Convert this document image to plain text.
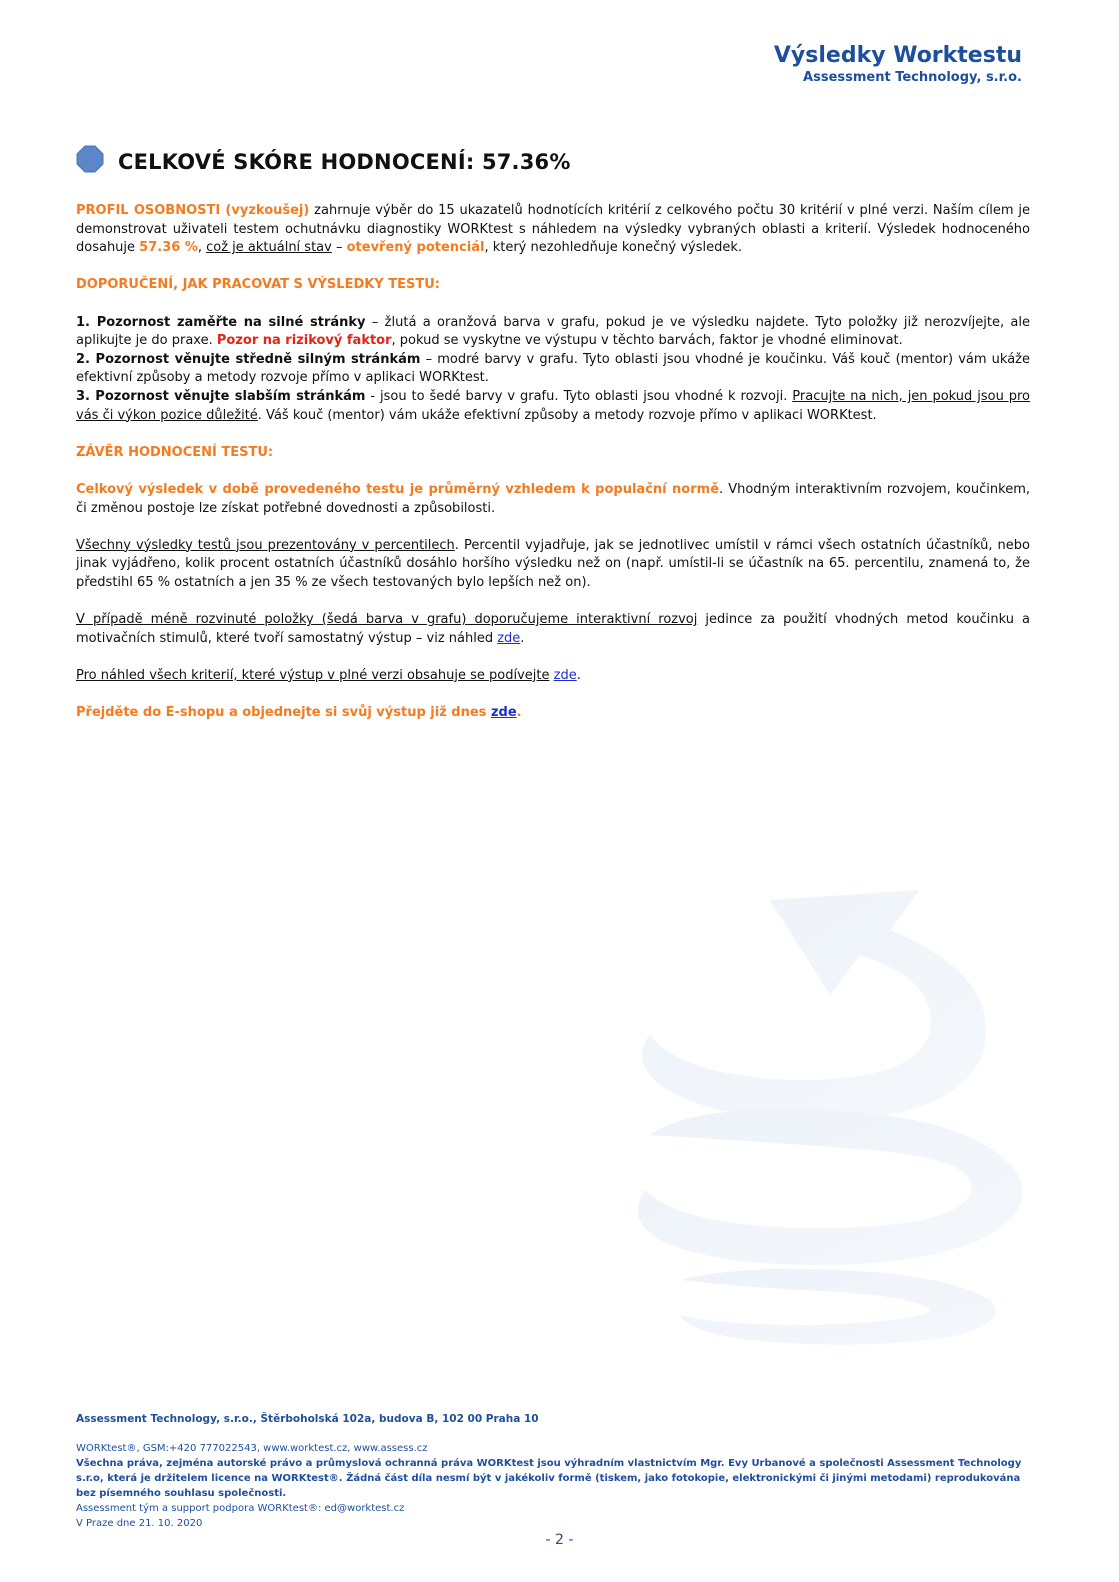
Výsledky Worktestu
Assessment Technology, s.r.o.
CELKOVÉ SKÓRE HODNOCENÍ: 57.36%

PROFIL OSOBNOSTI (vyzkoušej) zahrnuje výběr do 15 ukazatelů hodnotících kritérií z celkového počtu 30 kritérií v plné verzi. Naším cílem je demonstrovat uživateli testem ochutnávku diagnostiky WORKtest s náhledem na výsledky vybraných oblasti a kriterií. Výsledek hodnoceného dosahuje 57.36 %, což je aktuální stav – otevřený potenciál, který nezohledňuje konečný výsledek.

DOPORUČENÍ, JAK PRACOVAT S VÝSLEDKY TESTU:

1. Pozornost zaměřte na silné stránky – žlutá a oranžová barva v grafu, pokud je ve výsledku najdete. Tyto položky již nerozvíjejte, ale aplikujte je do praxe. Pozor na rizikový faktor, pokud se vyskytne ve výstupu v těchto barvách, faktor je vhodné eliminovat.

2. Pozornost věnujte středně silným stránkám – modré barvy v grafu. Tyto oblasti jsou vhodné je koučinku. Váš kouč (mentor) vám ukáže efektivní způsoby a metody rozvoje přímo v aplikaci WORKtest.

3. Pozornost věnujte slabším stránkám - jsou to šedé barvy v grafu. Tyto oblasti jsou vhodné k rozvoji. Pracujte na nich, jen pokud jsou pro vás či výkon pozice důležité. Váš kouč (mentor) vám ukáže efektivní způsoby a metody rozvoje přímo v aplikaci WORKtest.

ZÁVĚR HODNOCENÍ TESTU:

Celkový výsledek v době provedeného testu je průměrný vzhledem k populační normě. Vhodným interaktivním rozvojem, koučinkem, či změnou postoje lze získat potřebné dovednosti a způsobilosti.

Všechny výsledky testů jsou prezentovány v percentilech. Percentil vyjadřuje, jak se jednotlivec umístil v rámci všech ostatních účastníků, nebo jinak vyjádřeno, kolik procent ostatních účastníků dosáhlo horšího výsledku než on (např. umístil-li se účastník na 65. percentilu, znamená to, že předstihl 65 % ostatních a jen 35 % ze všech testovaných bylo lepších než on).

V případě méně rozvinuté položky (šedá barva v grafu) doporučujeme interaktivní rozvoj jedince za použití vhodných metod koučinku a motivačních stimulů, které tvoří samostatný výstup – viz náhled zde.

Pro náhled všech kriterií, které výstup v plné verzi obsahuje se podívejte zde.

Přejděte do E-shopu a objednejte si svůj výstup již dnes zde.

Assessment Technology, s.r.o., Štěrboholská 102a, budova B, 102 00 Praha 10
WORKtest®, GSM:+420 777022543, www.worktest.cz, www.assess.cz
Všechna práva, zejména autorské právo a průmyslová ochranná práva WORKtest jsou výhradním vlastnictvím Mgr. Evy Urbanové a společnosti Assessment Technology s.r.o, která je držitelem licence na WORKtest®. Žádná část díla nesmí být v jakékoliv formě (tiskem, jako fotokopie, elektronickými či jinými metodami) reprodukována bez písemného souhlasu společnosti.
Assessment tým a support podpora WORKtest®: ed@worktest.cz
V Praze dne 21. 10. 2020
- 2 -
